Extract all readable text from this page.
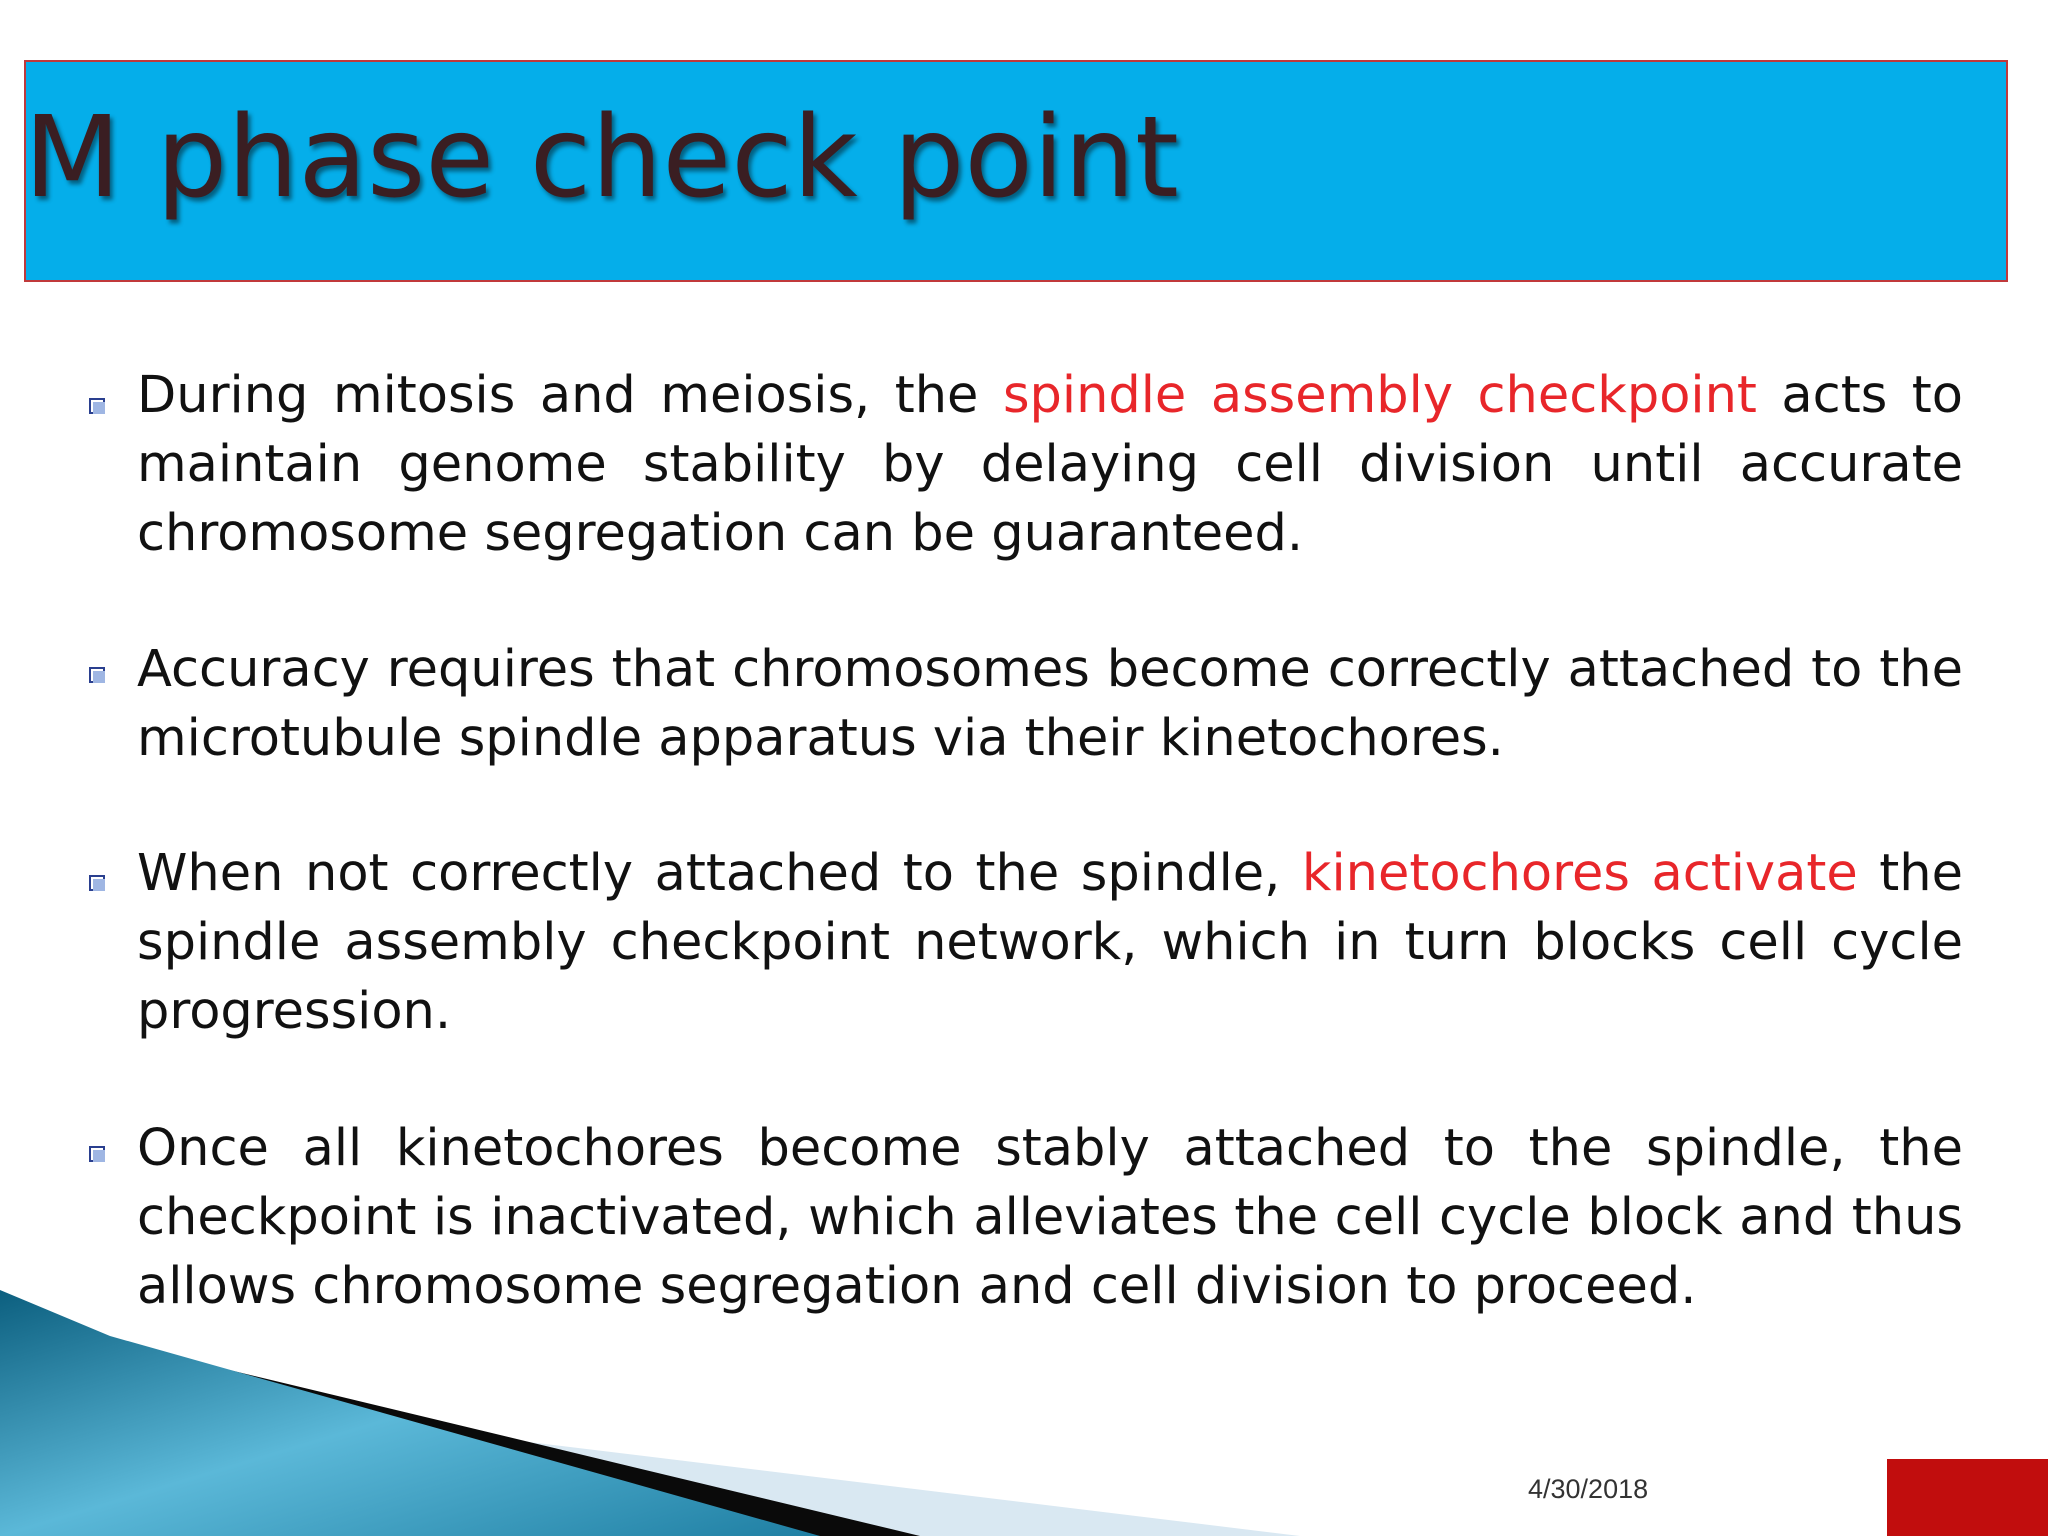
M phase check point
During mitosis and meiosis, the spindle assembly checkpoint acts to maintain genome stability by delaying cell division until accurate chromosome segregation can be guaranteed.
Accuracy requires that chromosomes become correctly attached to the microtubule spindle apparatus via their kinetochores.
When not correctly attached to the spindle, kinetochores activate the spindle assembly checkpoint network, which in turn blocks cell cycle progression.
Once all kinetochores become stably attached to the spindle, the checkpoint is inactivated, which alleviates the cell cycle block and thus allows chromosome segregation and cell division to proceed.
4/30/2018
